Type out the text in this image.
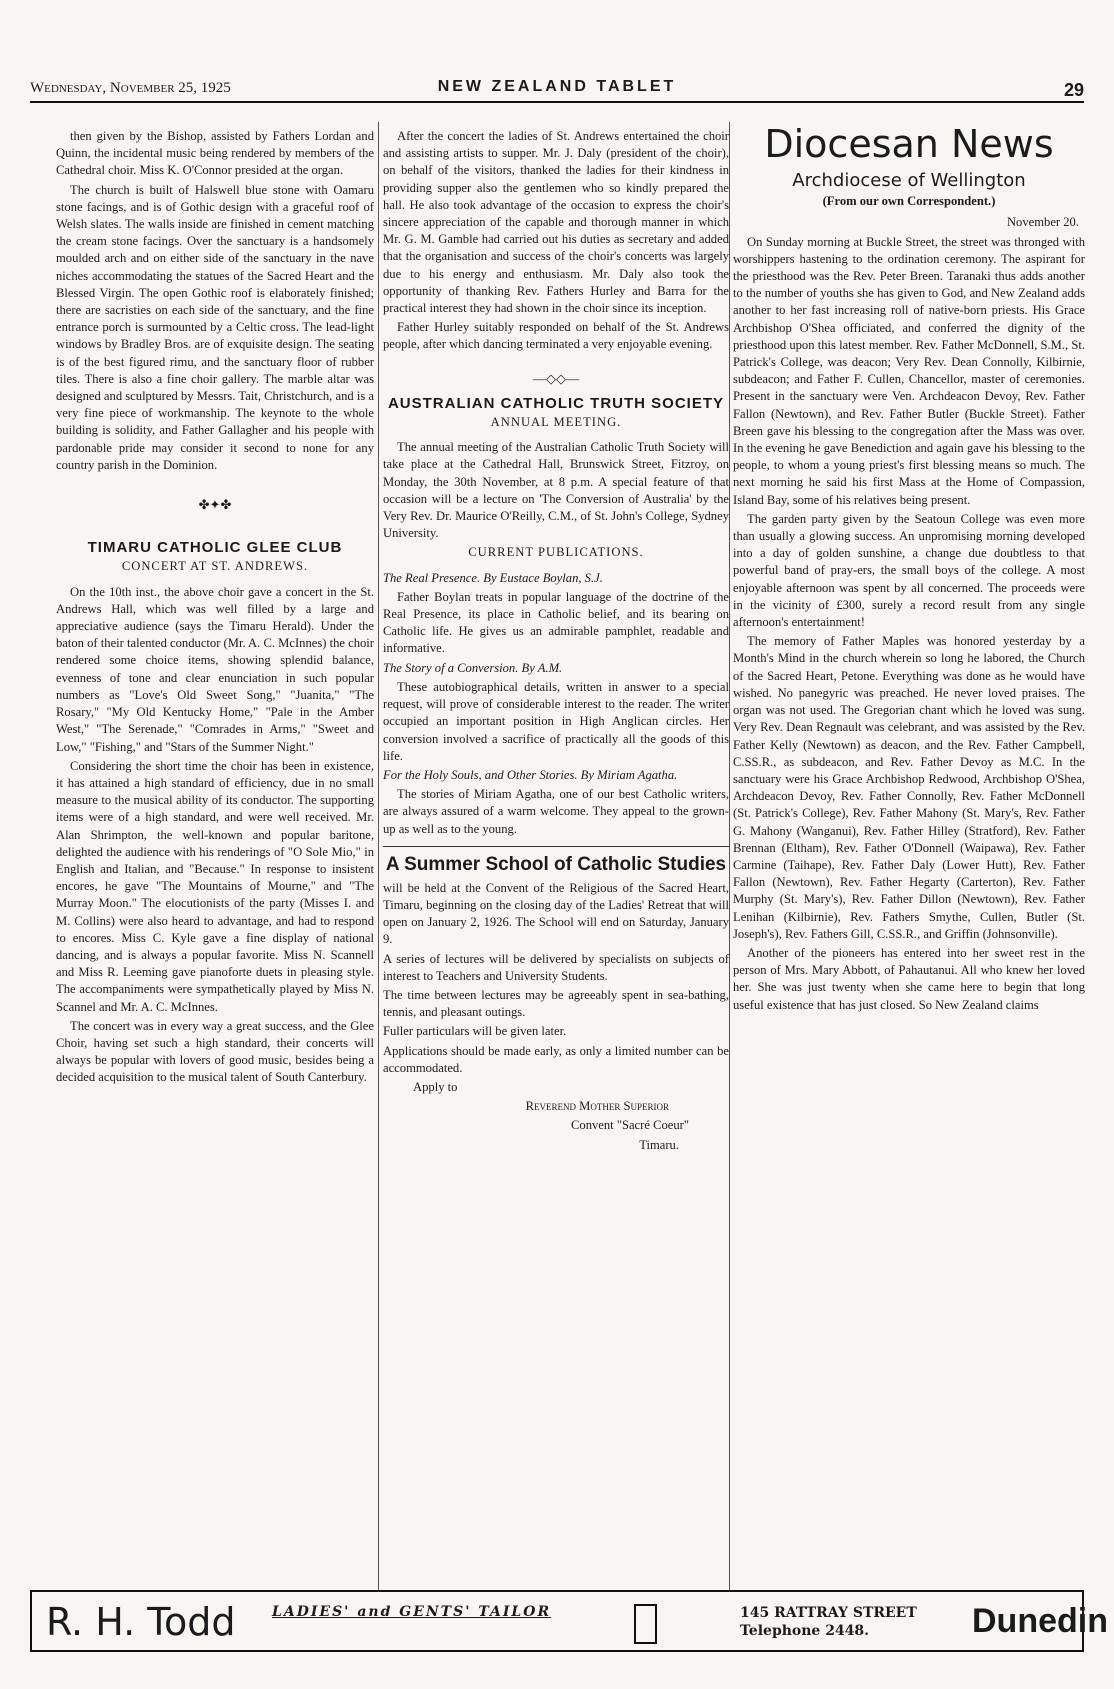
Wednesday, November 25, 1925	NEW ZEALAND TABLET	29

then given by the Bishop, assisted by Fathers Lordan and Quinn, the incidental music being rendered by members of the Cathedral choir. Miss K. O'Connor presided at the organ.

The church is built of Halswell blue stone with Oamaru stone facings, and is of Gothic design with a graceful roof of Welsh slates. The walls inside are finished in cement matching the cream stone facings. Over the sanctuary is a handsomely moulded arch and on either side of the sanctuary in the nave niches accommodating the statues of the Sacred Heart and the Blessed Virgin. The open Gothic roof is elaborately finished; there are sacristies on each side of the sanctuary, and the fine entrance porch is surmounted by a Celtic cross. The lead-light windows by Bradley Bros. are of exquisite design. The seating is of the best figured rimu, and the sanctuary floor of rubber tiles. There is also a fine choir gallery. The marble altar was designed and sculptured by Messrs. Tait, Christchurch, and is a very fine piece of workmanship. The keynote to the whole building is solidity, and Father Gallagher and his people with pardonable pride may consider it second to none for any country parish in the Dominion.

✤✦✤
TIMARU CATHOLIC GLEE CLUB
CONCERT AT ST. ANDREWS.

On the 10th inst., the above choir gave a concert in the St. Andrews Hall, which was well filled by a large and appreciative audience (says the Timaru Herald). Under the baton of their talented conductor (Mr. A. C. McInnes) the choir rendered some choice items, showing splendid balance, evenness of tone and clear enunciation in such popular numbers as "Love's Old Sweet Song," "Juanita," "The Rosary," "My Old Kentucky Home," "Pale in the Amber West," "The Serenade," "Comrades in Arms," "Sweet and Low," "Fishing," and "Stars of the Summer Night."

Considering the short time the choir has been in existence, it has attained a high standard of efficiency, due in no small measure to the musical ability of its conductor. The supporting items were of a high standard, and were well received. Mr. Alan Shrimpton, the well-known and popular baritone, delighted the audience with his renderings of "O Sole Mio," in English and Italian, and "Because." In response to insistent encores, he gave "The Mountains of Mourne," and "The Murray Moon." The elocutionists of the party (Misses I. and M. Collins) were also heard to advantage, and had to respond to encores. Miss C. Kyle gave a fine display of national dancing, and is always a popular favorite. Miss N. Scannell and Miss R. Leeming gave pianoforte duets in pleasing style. The accompaniments were sympathetically played by Miss N. Scannel and Mr. A. C. McInnes.

The concert was in every way a great success, and the Glee Choir, having set such a high standard, their concerts will always be popular with lovers of good music, besides being a decided acquisition to the musical talent of South Canterbury.

After the concert the ladies of St. Andrews entertained the choir and assisting artists to supper. Mr. J. Daly (president of the choir), on behalf of the visitors, thanked the ladies for their kindness in providing supper also the gentlemen who so kindly prepared the hall. He also took advantage of the occasion to express the choir's sincere appreciation of the capable and thorough manner in which Mr. G. M. Gamble had carried out his duties as secretary and added that the organisation and success of the choir's concerts was largely due to his energy and enthusiasm. Mr. Daly also took the opportunity of thanking Rev. Fathers Hurley and Barra for the practical interest they had shown in the choir since its inception.

Father Hurley suitably responded on behalf of the St. Andrews people, after which dancing terminated a very enjoyable evening.

—◇◇—
AUSTRALIAN CATHOLIC TRUTH SOCIETY
ANNUAL MEETING.

The annual meeting of the Australian Catholic Truth Society will take place at the Cathedral Hall, Brunswick Street, Fitzroy, on Monday, the 30th November, at 8 p.m. A special feature of that occasion will be a lecture on 'The Conversion of Australia' by the Very Rev. Dr. Maurice O'Reilly, C.M., of St. John's College, Sydney University.

CURRENT PUBLICATIONS.

The Real Presence. By Eustace Boylan, S.J.

Father Boylan treats in popular language of the doctrine of the Real Presence, its place in Catholic belief, and its bearing on Catholic life. He gives us an admirable pamphlet, readable and informative.

The Story of a Conversion. By A.M.

These autobiographical details, written in answer to a special request, will prove of considerable interest to the reader. The writer occupied an important position in High Anglican circles. Her conversion involved a sacrifice of practically all the goods of this life.

For the Holy Souls, and Other Stories. By Miriam Agatha.

The stories of Miriam Agatha, one of our best Catholic writers, are always assured of a warm welcome. They appeal to the grown-up as well as to the young.

A Summer School of Catholic Studies

will be held at the Convent of the Religious of the Sacred Heart, Timaru, beginning on the closing day of the Ladies' Retreat that will open on January 2, 1926. The School will end on Saturday, January 9.

A series of lectures will be delivered by specialists on subjects of interest to Teachers and University Students.

The time between lectures may be agreeably spent in sea-bathing, tennis, and pleasant outings.

Fuller particulars will be given later.

Applications should be made early, as only a limited number can be accommodated.

Apply to

Reverend Mother Superior
Convent "Sacré Coeur"
Timaru.
Diocesan News
Archdiocese of Wellington
(From our own Correspondent.)
November 20.

On Sunday morning at Buckle Street, the street was thronged with worshippers hastening to the ordination ceremony. The aspirant for the priesthood was the Rev. Peter Breen. Taranaki thus adds another to the number of youths she has given to God, and New Zealand adds another to her fast increasing roll of native-born priests. His Grace Archbishop O'Shea officiated, and conferred the dignity of the priesthood upon this latest member. Rev. Father McDonnell, S.M., St. Patrick's College, was deacon; Very Rev. Dean Connolly, Kilbirnie, subdeacon; and Father F. Cullen, Chancellor, master of ceremonies. Present in the sanctuary were Ven. Archdeacon Devoy, Rev. Father Fallon (Newtown), and Rev. Father Butler (Buckle Street). Father Breen gave his blessing to the congregation after the Mass was over. In the evening he gave Benediction and again gave his blessing to the people, to whom a young priest's first blessing means so much. The next morning he said his first Mass at the Home of Compassion, Island Bay, some of his relatives being present.

The garden party given by the Seatoun College was even more than usually a glowing success. An unpromising morning developed into a day of golden sunshine, a change due doubtless to that powerful band of pray-ers, the small boys of the college. A most enjoyable afternoon was spent by all concerned. The proceeds were in the vicinity of £300, surely a record result from any single afternoon's entertainment!

The memory of Father Maples was honored yesterday by a Month's Mind in the church wherein so long he labored, the Church of the Sacred Heart, Petone. Everything was done as he would have wished. No panegyric was preached. He never loved praises. The organ was not used. The Gregorian chant which he loved was sung. Very Rev. Dean Regnault was celebrant, and was assisted by the Rev. Father Kelly (Newtown) as deacon, and the Rev. Father Campbell, C.SS.R., as subdeacon, and Rev. Father Devoy as M.C. In the sanctuary were his Grace Archbishop Redwood, Archbishop O'Shea, Archdeacon Devoy, Rev. Father Connolly, Rev. Father McDonnell (St. Patrick's College), Rev. Father Mahony (St. Mary's, Rev. Father G. Mahony (Wanganui), Rev. Father Hilley (Stratford), Rev. Father Brennan (Eltham), Rev. Father O'Donnell (Waipawa), Rev. Father Carmine (Taihape), Rev. Father Daly (Lower Hutt), Rev. Father Fallon (Newtown), Rev. Father Hegarty (Carterton), Rev. Father Murphy (St. Mary's), Rev. Father Dillon (Newtown), Rev. Father Lenihan (Kilbirnie), Rev. Fathers Smythe, Cullen, Butler (St. Joseph's), Rev. Fathers Gill, C.SS.R., and Griffin (Johnsonville).

Another of the pioneers has entered into her sweet rest in the person of Mrs. Mary Abbott, of Pahautanui. All who knew her loved her. She was just twenty when she came here to begin that long useful existence that has just closed. So New Zealand claims

R. H. Todd	LADIES' and GENTS' TAILOR	145 RATTRAY STREET
Telephone 2448.	Dunedin
